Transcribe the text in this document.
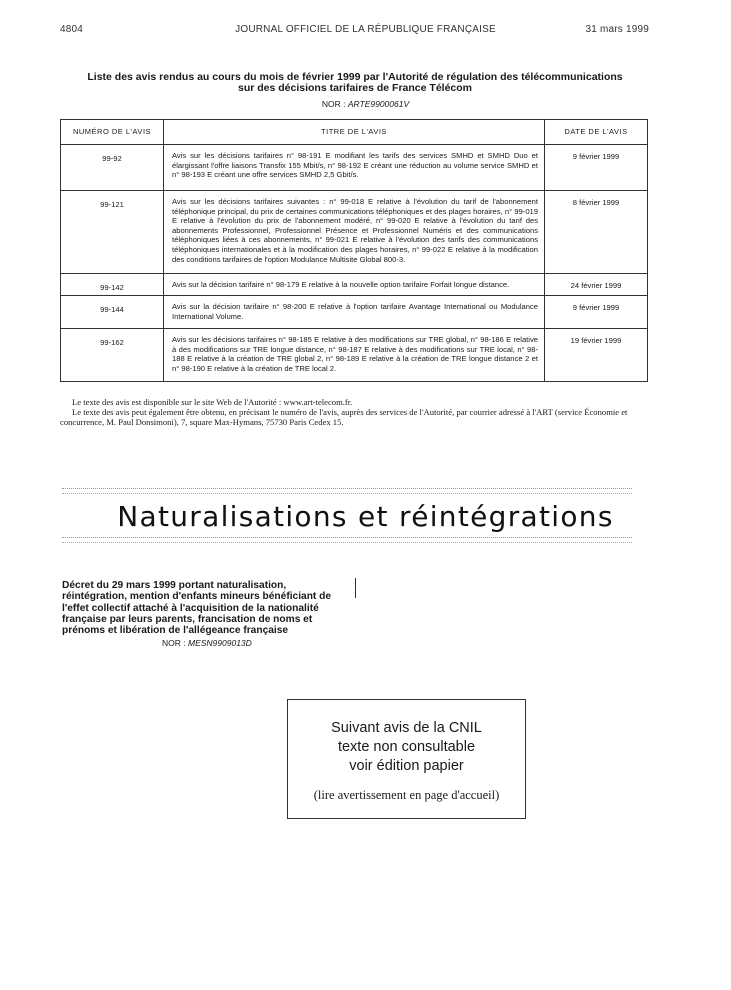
4804	JOURNAL OFFICIEL DE LA RÉPUBLIQUE FRANÇAISE	31 mars 1999
Liste des avis rendus au cours du mois de février 1999 par l'Autorité de régulation des télécommunications
sur des décisions tarifaires de France Télécom
NOR : ARTE9900061V
NUMÉRO DE L'AVIS	TITRE DE L'AVIS	DATE DE L'AVIS
99-92	Avis sur les décisions tarifaires n° 98-191 E modifiant les tarifs des services SMHD et SMHD Duo et élargissant l'offre liaisons Transfix 155 Mbit/s, n° 98-192 E créant une réduction au volume service SMHD et n° 98-193 E créant une offre services SMHD 2,5 Gbit/s.	9 février 1999
99-121	Avis sur les décisions tarifaires suivantes : n° 99-018 E relative à l'évolution du tarif de l'abonnement téléphonique principal, du prix de certaines communications téléphoniques et des plages horaires, n° 99-019 E relative à l'évolution du prix de l'abonnement modéré, n° 99-020 E relative à l'évolution du tarif des abonnements Professionnel, Professionnel Présence et Professionnel Numéris et des communications téléphoniques liées à ces abonnements, n° 99-021 E relative à l'évolution des tarifs des communications téléphoniques internationales et à la modification des plages horaires, n° 99-022 E relative à la modification des conditions tarifaires de l'option Modulance Multisite Global 800-3.	8 février 1999
99-142	Avis sur la décision tarifaire n° 98-179 E relative à la nouvelle option tarifaire Forfait longue distance.	24 février 1999
99-144	Avis sur la décision tarifaire n° 98-200 E relative à l'option tarifaire Avantage International ou Modulance International Volume.	9 février 1999
99-162	Avis sur les décisions tarifaires n° 98-185 E relative à des modifications sur TRE global, n° 98-186 E relative à des modifications sur TRE longue distance, n° 98-187 E relative à des modifications sur TRE local, n° 98-188 E relative à la création de TRE global 2, n° 98-189 E relative à la création de TRE longue distance 2 et n° 98-190 E relative à la création de TRE local 2.	19 février 1999
Le texte des avis est disponible sur le site Web de l'Autorité : www.art-telecom.fr.
Le texte des avis peut également être obtenu, en précisant le numéro de l'avis, auprès des services de l'Autorité, par courrier adressé à l'ART (service Économie et concurrence, M. Paul Donsimoni), 7, square Max-Hymans, 75730 Paris Cedex 15.
Naturalisations et réintégrations
Décret du 29 mars 1999 portant naturalisation, réintégration, mention d'enfants mineurs bénéficiant de l'effet collectif attaché à l'acquisition de la nationalité française par leurs parents, francisation de noms et prénoms et libération de l'allégeance française
NOR : MESN9909013D
Suivant avis de la CNIL
texte non consultable
voir édition papier
(lire avertissement en page d'accueil)
